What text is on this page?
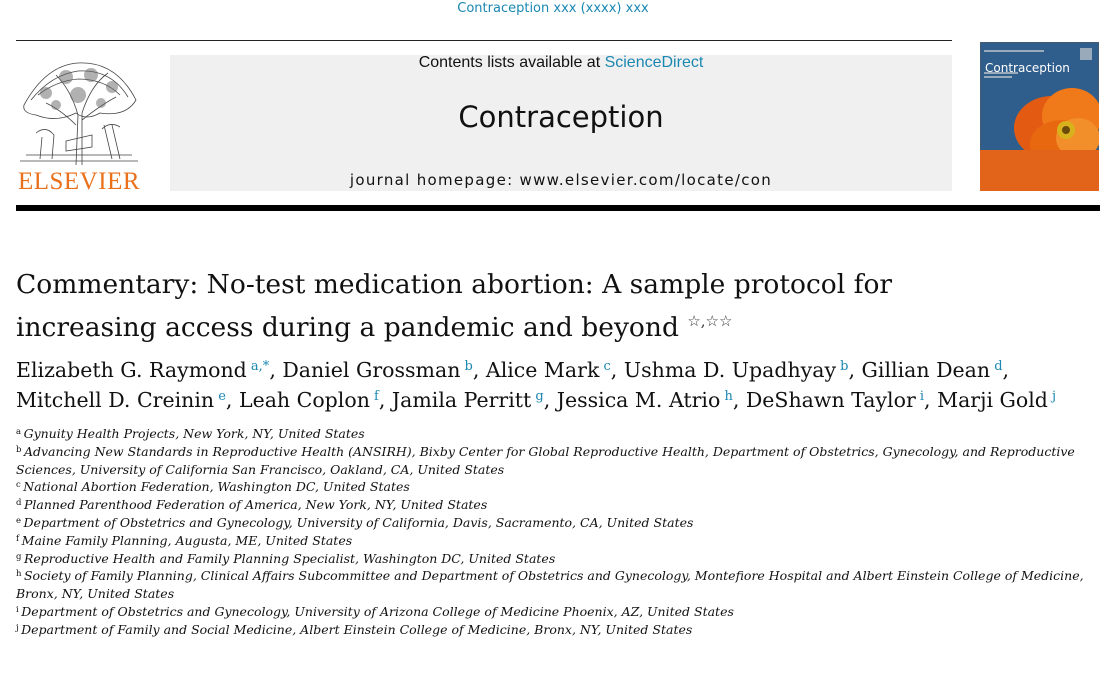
Contraception xxx (xxxx) xxx
ELSEVIER
Contents lists available at ScienceDirect
Contraception
journal homepage: www.elsevier.com/locate/con
Contraception
Commentary: No-test medication abortion: A sample protocol for
increasing access during a pandemic and beyond ☆,☆☆
Elizabeth G. Raymond  $^{a,*}$, Daniel Grossman  $^b$, Alice Mark  $^c$, Ushma D. Upadhyay  $^b$, Gillian Dean  $^d$,
Mitchell D. Creinin  $^e$, Leah Coplon  $^f$, Jamila Perritt  $^g$, Jessica M. Atrio  $^h$, DeShawn Taylor  $^i$, Marji Gold  $^j$
$^a$  Gynuity Health Projects, New York, NY, United States
$^b$  Advancing New Standards in Reproductive Health (ANSIRH), Bixby Center for Global Reproductive Health, Department of Obstetrics, Gynecology, and Reproductive Sciences, University of California San Francisco, Oakland, CA, United States
$^c$  National Abortion Federation, Washington DC, United States
$^d$  Planned Parenthood Federation of America, New York, NY, United States
$^e$  Department of Obstetrics and Gynecology, University of California, Davis, Sacramento, CA, United States
$^f$  Maine Family Planning, Augusta, ME, United States
$^g$  Reproductive Health and Family Planning Specialist, Washington DC, United States
$^h$  Society of Family Planning, Clinical Affairs Subcommittee and Department of Obstetrics and Gynecology, Montefiore Hospital and Albert Einstein College of Medicine, Bronx, NY, United States
$^i$  Department of Obstetrics and Gynecology, University of Arizona College of Medicine Phoenix, AZ, United States
$^j$  Department of Family and Social Medicine, Albert Einstein College of Medicine, Bronx, NY, United States
